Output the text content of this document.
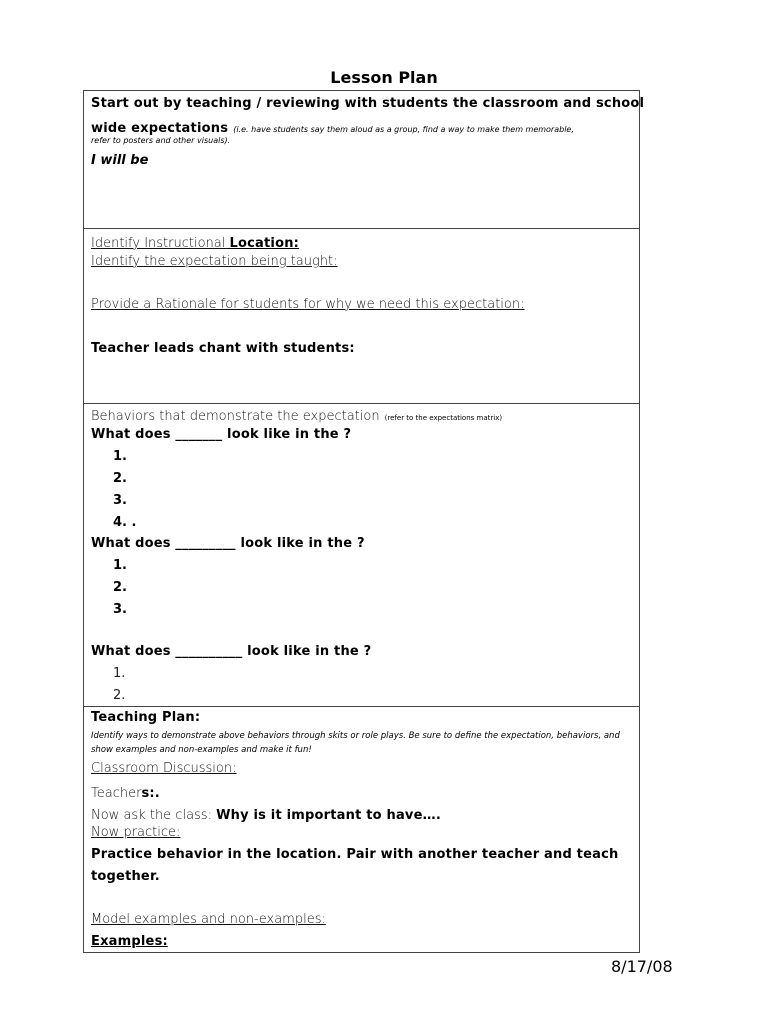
Lesson Plan
Start out by teaching / reviewing with students the classroom and school
wide expectations (i.e. have students say them aloud as a group, find a way to make them memorable,
refer to posters and other visuals).
I will be
Identify Instructional Location:
Identify the expectation being taught:
Provide a Rationale for students for why we need this expectation:
Teacher leads chant with students:
Behaviors that demonstrate the expectation (refer to the expectations matrix)
What does _______ look like in the ?
1.
2.
3.
4. .
What does _________ look like in the ?
1.
2.
3.
What does __________ look like in the ?
1.
2.
Teaching Plan:
Identify ways to demonstrate above behaviors through skits or role plays. Be sure to define the expectation, behaviors, and show examples and non-examples and make it fun!
Classroom Discussion:
Teachers:.
Now ask the class: Why is it important to have….
Now practice:
Practice behavior in the location. Pair with another teacher and teach
together.
Model examples and non-examples:
Examples:
8/17/08
